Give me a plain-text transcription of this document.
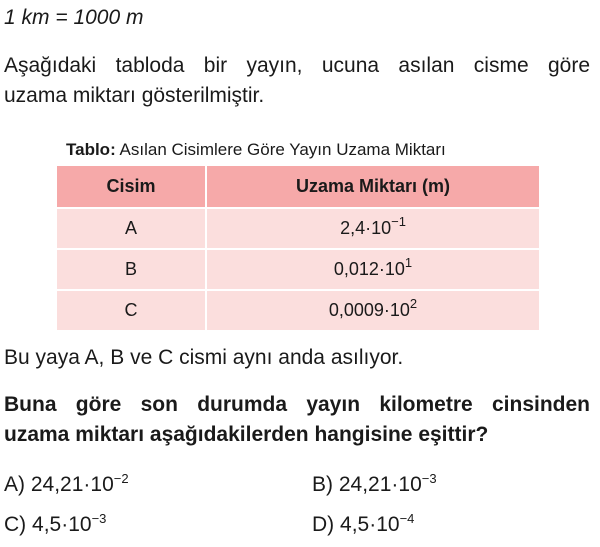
1 km = 1000 m
Aşağıdaki tabloda bir yayın, ucuna asılan cisme göre
uzama miktarı gösterilmiştir.
Tablo: Asılan Cisimlere Göre Yayın Uzama Miktarı
Cisim	Uzama Miktarı (m)
A	$2,4\cdot 10^{-1}$
B	$0,012\cdot 10^1$
C	$0,0009\cdot 10^2$
Bu yaya A, B ve C cismi aynı anda asılıyor.
Buna göre son durumda yayın kilometre cinsinden
uzama miktarı aşağıdakilerden hangisine eşittir?
A) $24,21\cdot 10^{-2}$	B) $24,21\cdot 10^{-3}$
C) $4,5\cdot 10^{-3}$	D) $4,5\cdot 10^{-4}$
